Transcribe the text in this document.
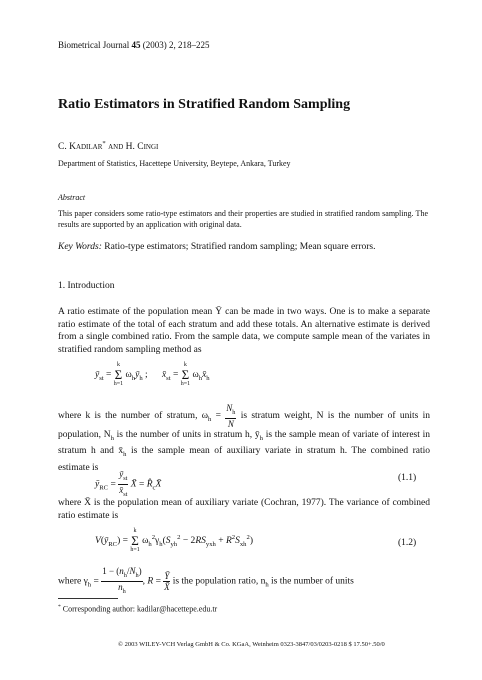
Biometrical Journal 45 (2003) 2, 218–225
Ratio Estimators in Stratified Random Sampling
C. Kadilar* and H. Cingi
Department of Statistics, Hacettepe University, Beytepe, Ankara, Turkey
Abstract
This paper considers some ratio-type estimators and their properties are studied in stratified random sampling. The results are supported by an application with original data.
Key Words: Ratio-type estimators; Stratified random sampling; Mean square errors.
1. Introduction
A ratio estimate of the population mean Ȳ can be made in two ways. One is to make a separate ratio estimate of the total of each stratum and add these totals. An alternative estimate is derived from a single combined ratio. From the sample data, we compute sample mean of the variates in stratified random sampling method as
$ȳ_{st}$ =
k
Σ
h=1
$\omega_hȳ_h$ ;      $x̄_{st}$ =
k
Σ
h=1
$\omega_hx̄_h$
where k is the number of stratum, $\omega_h = \frac{N_h}{N}$ is stratum weight, N is the number of units in population, $N_h$ is the number of units in stratum h, $ȳ_h$ is the sample mean of variate of interest in stratum h and $x̄_h$ is the sample mean of auxiliary variate in stratum h. The combined ratio estimate is
$ȳ_{RC} = \frac{ȳ_{st}}{x̄_{st}}$ X̄ = $R̂_cX̄$
(1.1)
where X̄ is the population mean of auxiliary variate (Cochran, 1977). The variance of combined ratio estimate is
$V(ȳ_{RC})$ =
k
Σ
h=1
$\omega_h^2\gamma_h(S_{yh}^2 - 2RS_{yxh} + R^2S_{xh}^2)$	(1.2)
where $\gamma_h = \frac{1 - (n_h/N_h)}{n_h}$ , $R = \frac{Ȳ}{X̄}$ is the population ratio, $n_h$ is the number of units
* Corresponding author: kadilar@hacettepe.edu.tr
© 2003 WILEY-VCH Verlag GmbH & Co. KGaA, Weinheim 0323-3847/03/0203-0218 $ 17.50+.50/0
